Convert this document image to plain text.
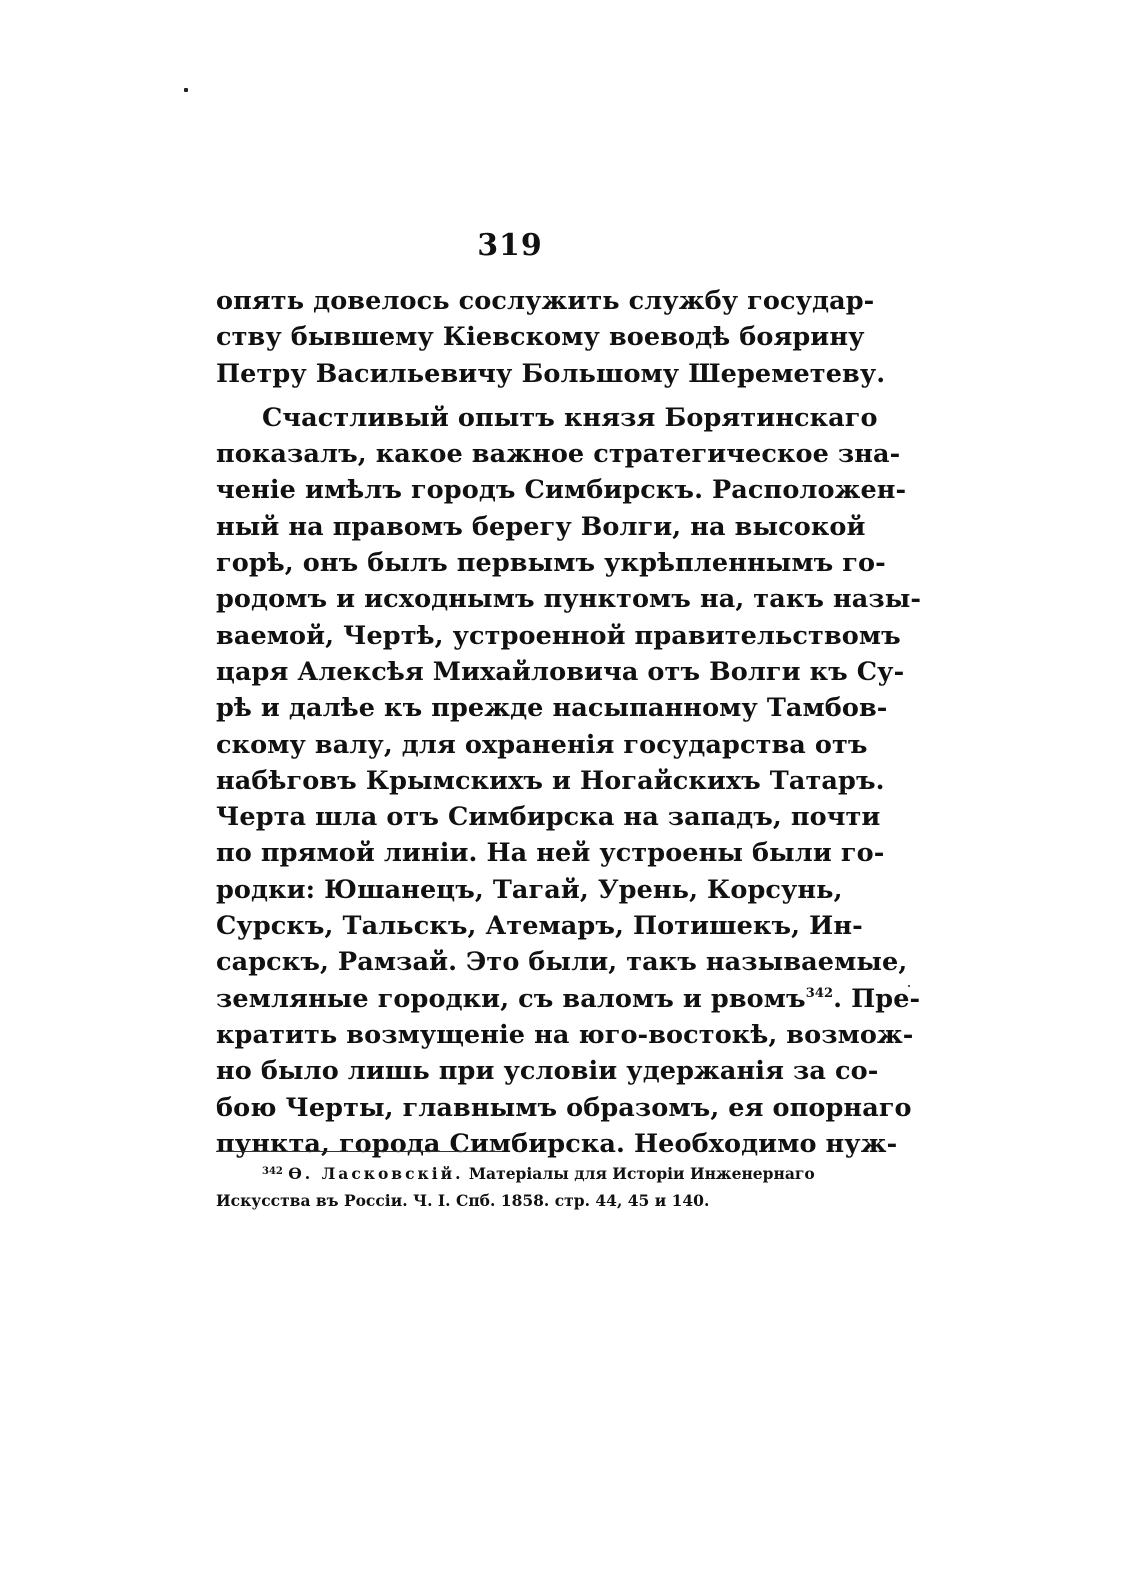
319
опять довелось сослужить службу государ-
ству бывшему Кіевскому воеводѣ боярину
Петру Васильевичу Большому Шереметеву.
Счастливый опытъ князя Борятинскаго
показалъ, какое важное стратегическое зна-
ченіе имѣлъ городъ Симбирскъ. Расположен-
ный на правомъ берегу Волги, на высокой
горѣ, онъ былъ первымъ укрѣпленнымъ го-
родомъ и исходнымъ пунктомъ на, такъ назы-
ваемой, Чертѣ, устроенной правительствомъ
царя Алексѣя Михайловича отъ Волги къ Су-
рѣ и далѣе къ прежде насыпанному Тамбов-
скому валу, для охраненія государства отъ
набѣговъ Крымскихъ и Ногайскихъ Татаръ.
Черта шла отъ Симбирска на западъ, почти
по прямой линіи. На ней устроены были го-
родки: Юшанецъ, Тагай, Урень, Корсунь,
Сурскъ, Тальскъ, Атемаръ, Потишекъ, Ин-
сарскъ, Рамзай. Это были, такъ называемые,
земляные городки, съ валомъ и рвомъ$^{342}$. Пре-
кратить возмущеніе на юго-востокѣ, возмож-
но было лишь при условіи удержанія за со-
бою Черты, главнымъ образомъ, ея опорнаго
пункта, города Симбирска. Необходимо нуж-
$^{342}$ Ө. Ласковскій. Матеріалы для Исторіи Инженернаго
Искусства въ Россіи. Ч. I. Спб. 1858. стр. 44, 45 и 140.
